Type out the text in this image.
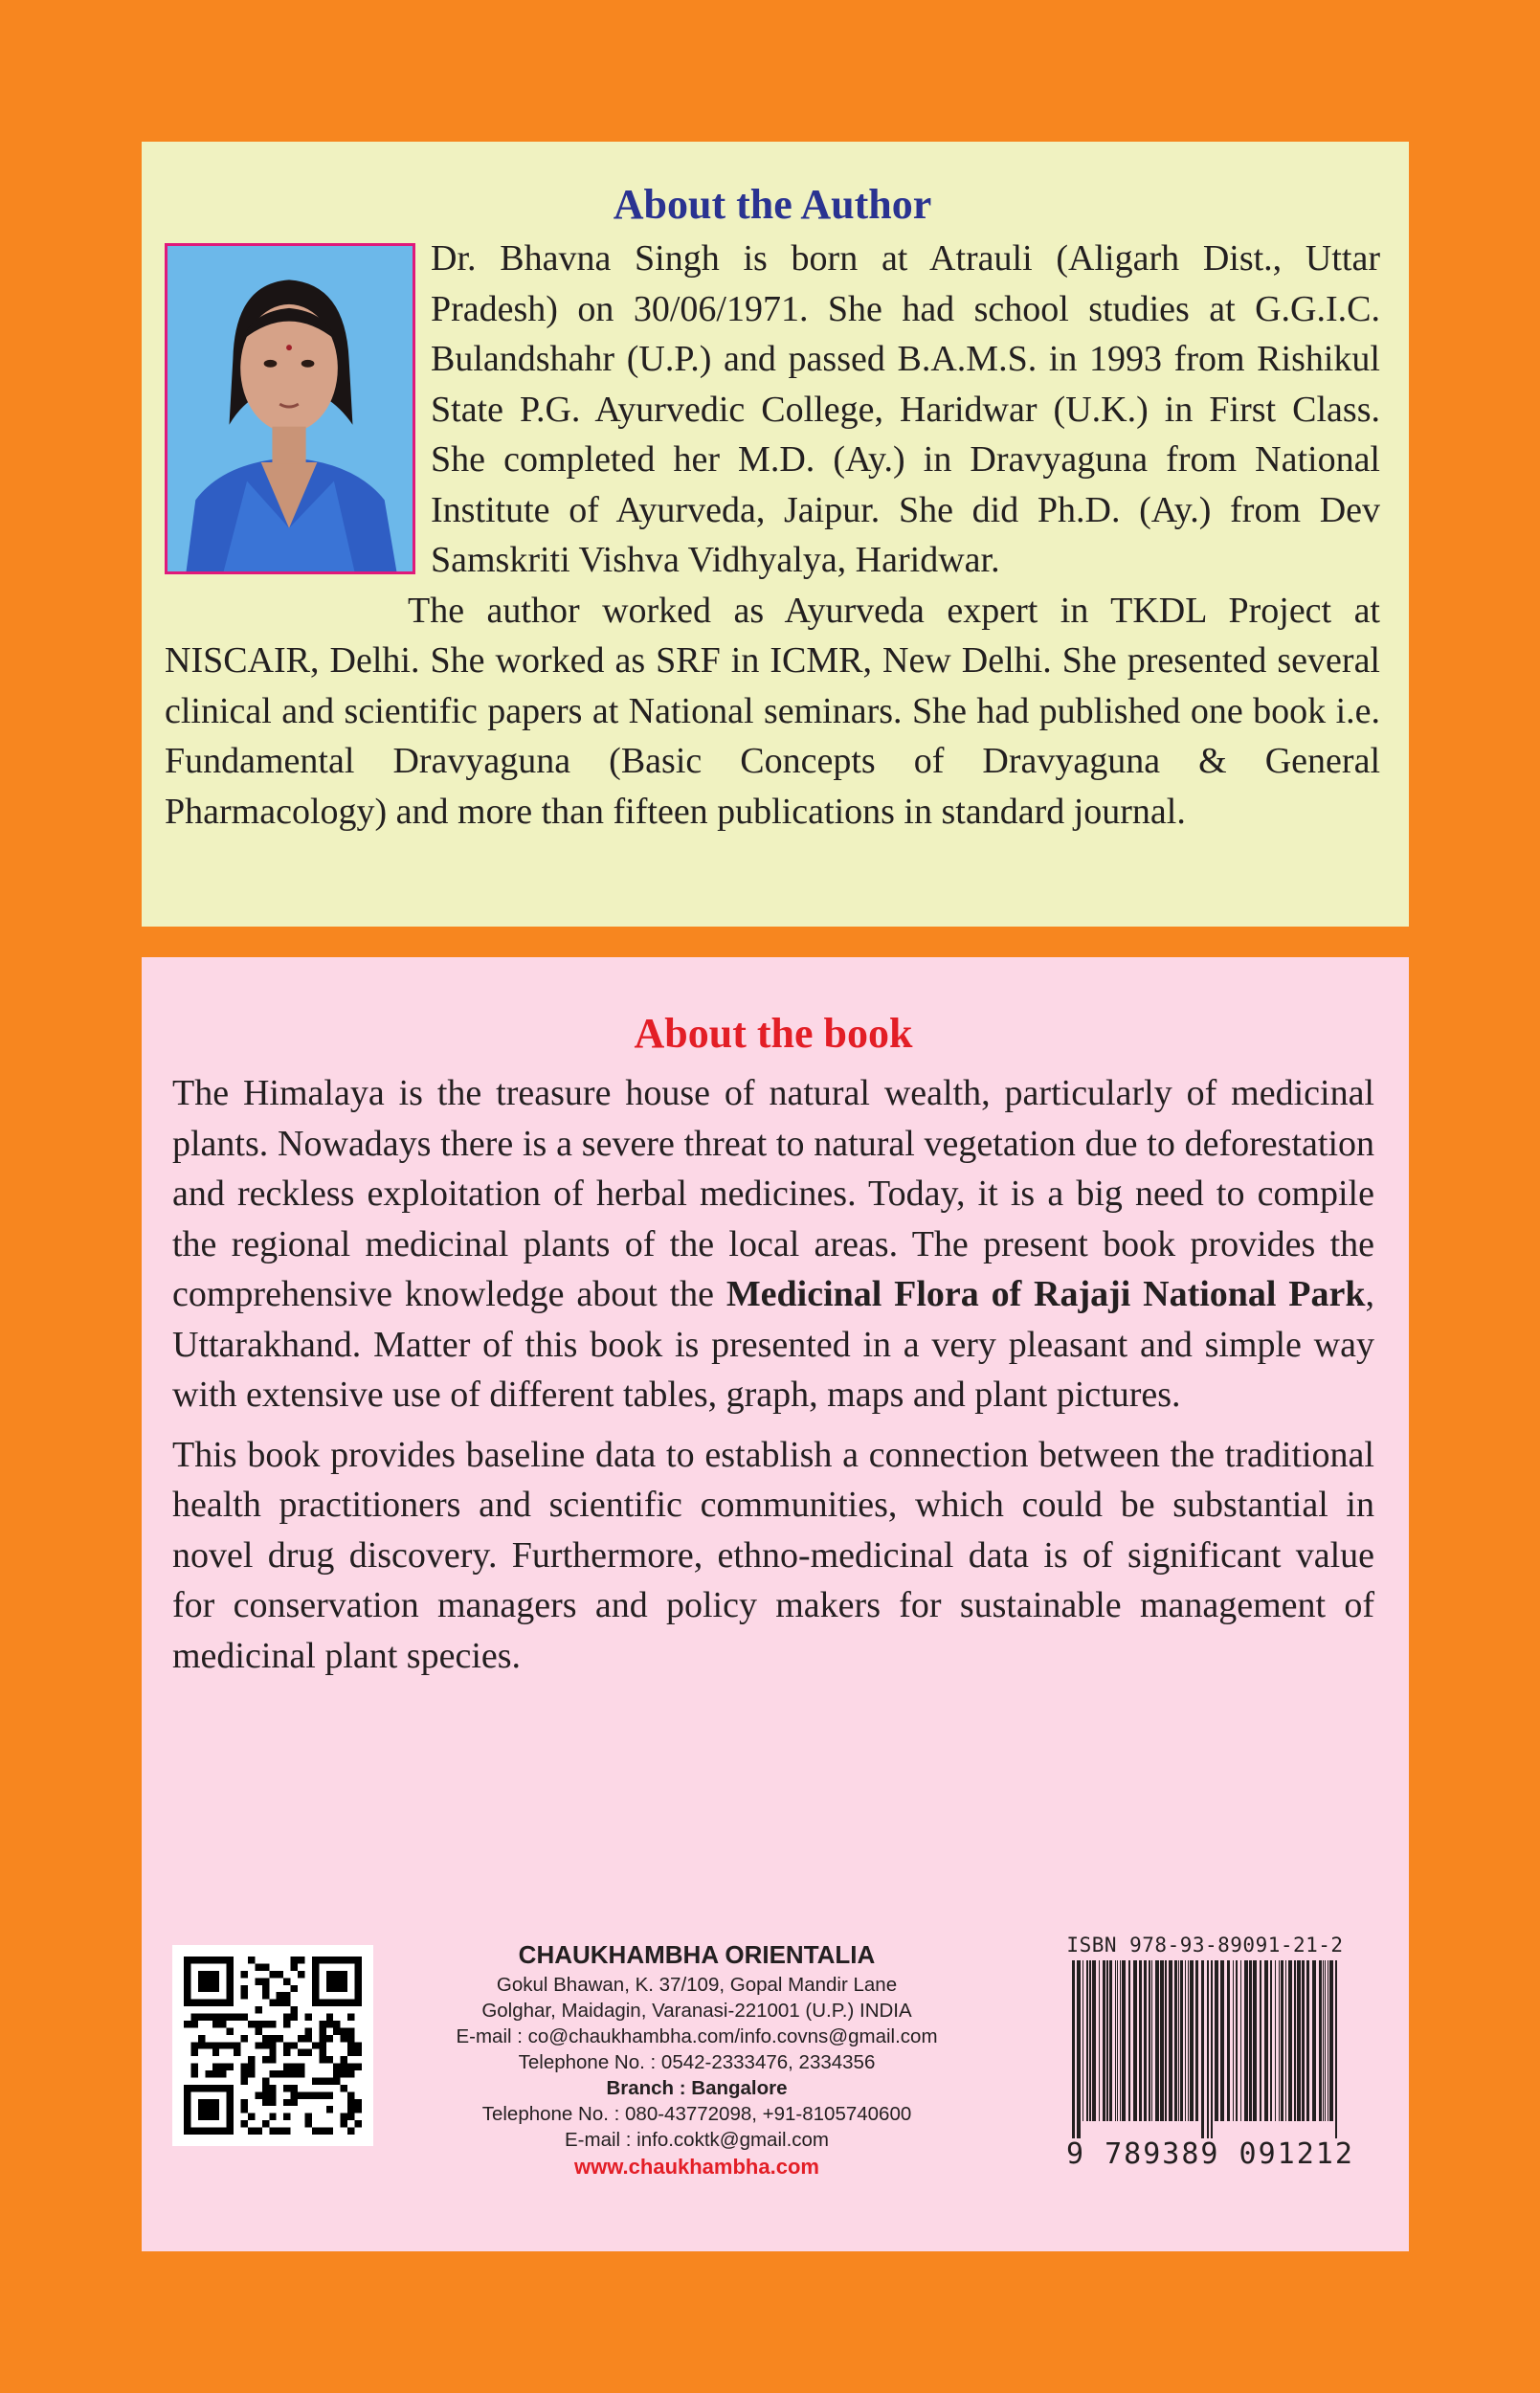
About the Author

Dr. Bhavna Singh is born at Atrauli (Aligarh Dist., Uttar Pradesh) on 30/06/1971. She had school studies at G.G.I.C. Bulandshahr (U.P.) and passed B.A.M.S. in 1993 from Rishikul State P.G. Ayurvedic College, Haridwar (U.K.) in First Class. She completed her M.D. (Ay.) in Dravyaguna from National Institute of Ayurveda, Jaipur. She did Ph.D. (Ay.) from Dev Samskriti Vishva Vidhyalya, Haridwar.

The author worked as Ayurveda expert in TKDL Project at NISCAIR, Delhi. She worked as SRF in ICMR, New Delhi. She presented several clinical and scientific papers at National seminars. She had published one book i.e. Fundamental Dravyaguna (Basic Concepts of Dravyaguna & General Pharmacology) and more than fifteen publications in standard journal.

About the book

The Himalaya is the treasure house of natural wealth, particularly of medicinal plants. Nowadays there is a severe threat to natural vegetation due to deforestation and reckless exploitation of herbal medicines. Today, it is a big need to compile the regional medicinal plants of the local areas. The present book provides the comprehensive knowledge about the Medicinal Flora of Rajaji National Park, Uttarakhand. Matter of this book is presented in a very pleasant and simple way with extensive use of different tables, graph, maps and plant pictures.

This book provides baseline data to establish a connection between the traditional health practitioners and scientific communities, which could be substantial in novel drug discovery. Furthermore, ethno-medicinal data is of significant value for conservation managers and policy makers for sustainable management of medicinal plant species.

CHAUKHAMBHA ORIENTALIA
Gokul Bhawan, K. 37/109, Gopal Mandir Lane
Golghar, Maidagin, Varanasi-221001 (U.P.) INDIA
E-mail : co@chaukhambha.com/info.covns@gmail.com
Telephone No. : 0542-2333476, 2334356
Branch : Bangalore
Telephone No. : 080-43772098, +91-8105740600
E-mail : info.coktk@gmail.com
www.chaukhambha.com
ISBN 978-93-89091-21-2
9 789389 091212
